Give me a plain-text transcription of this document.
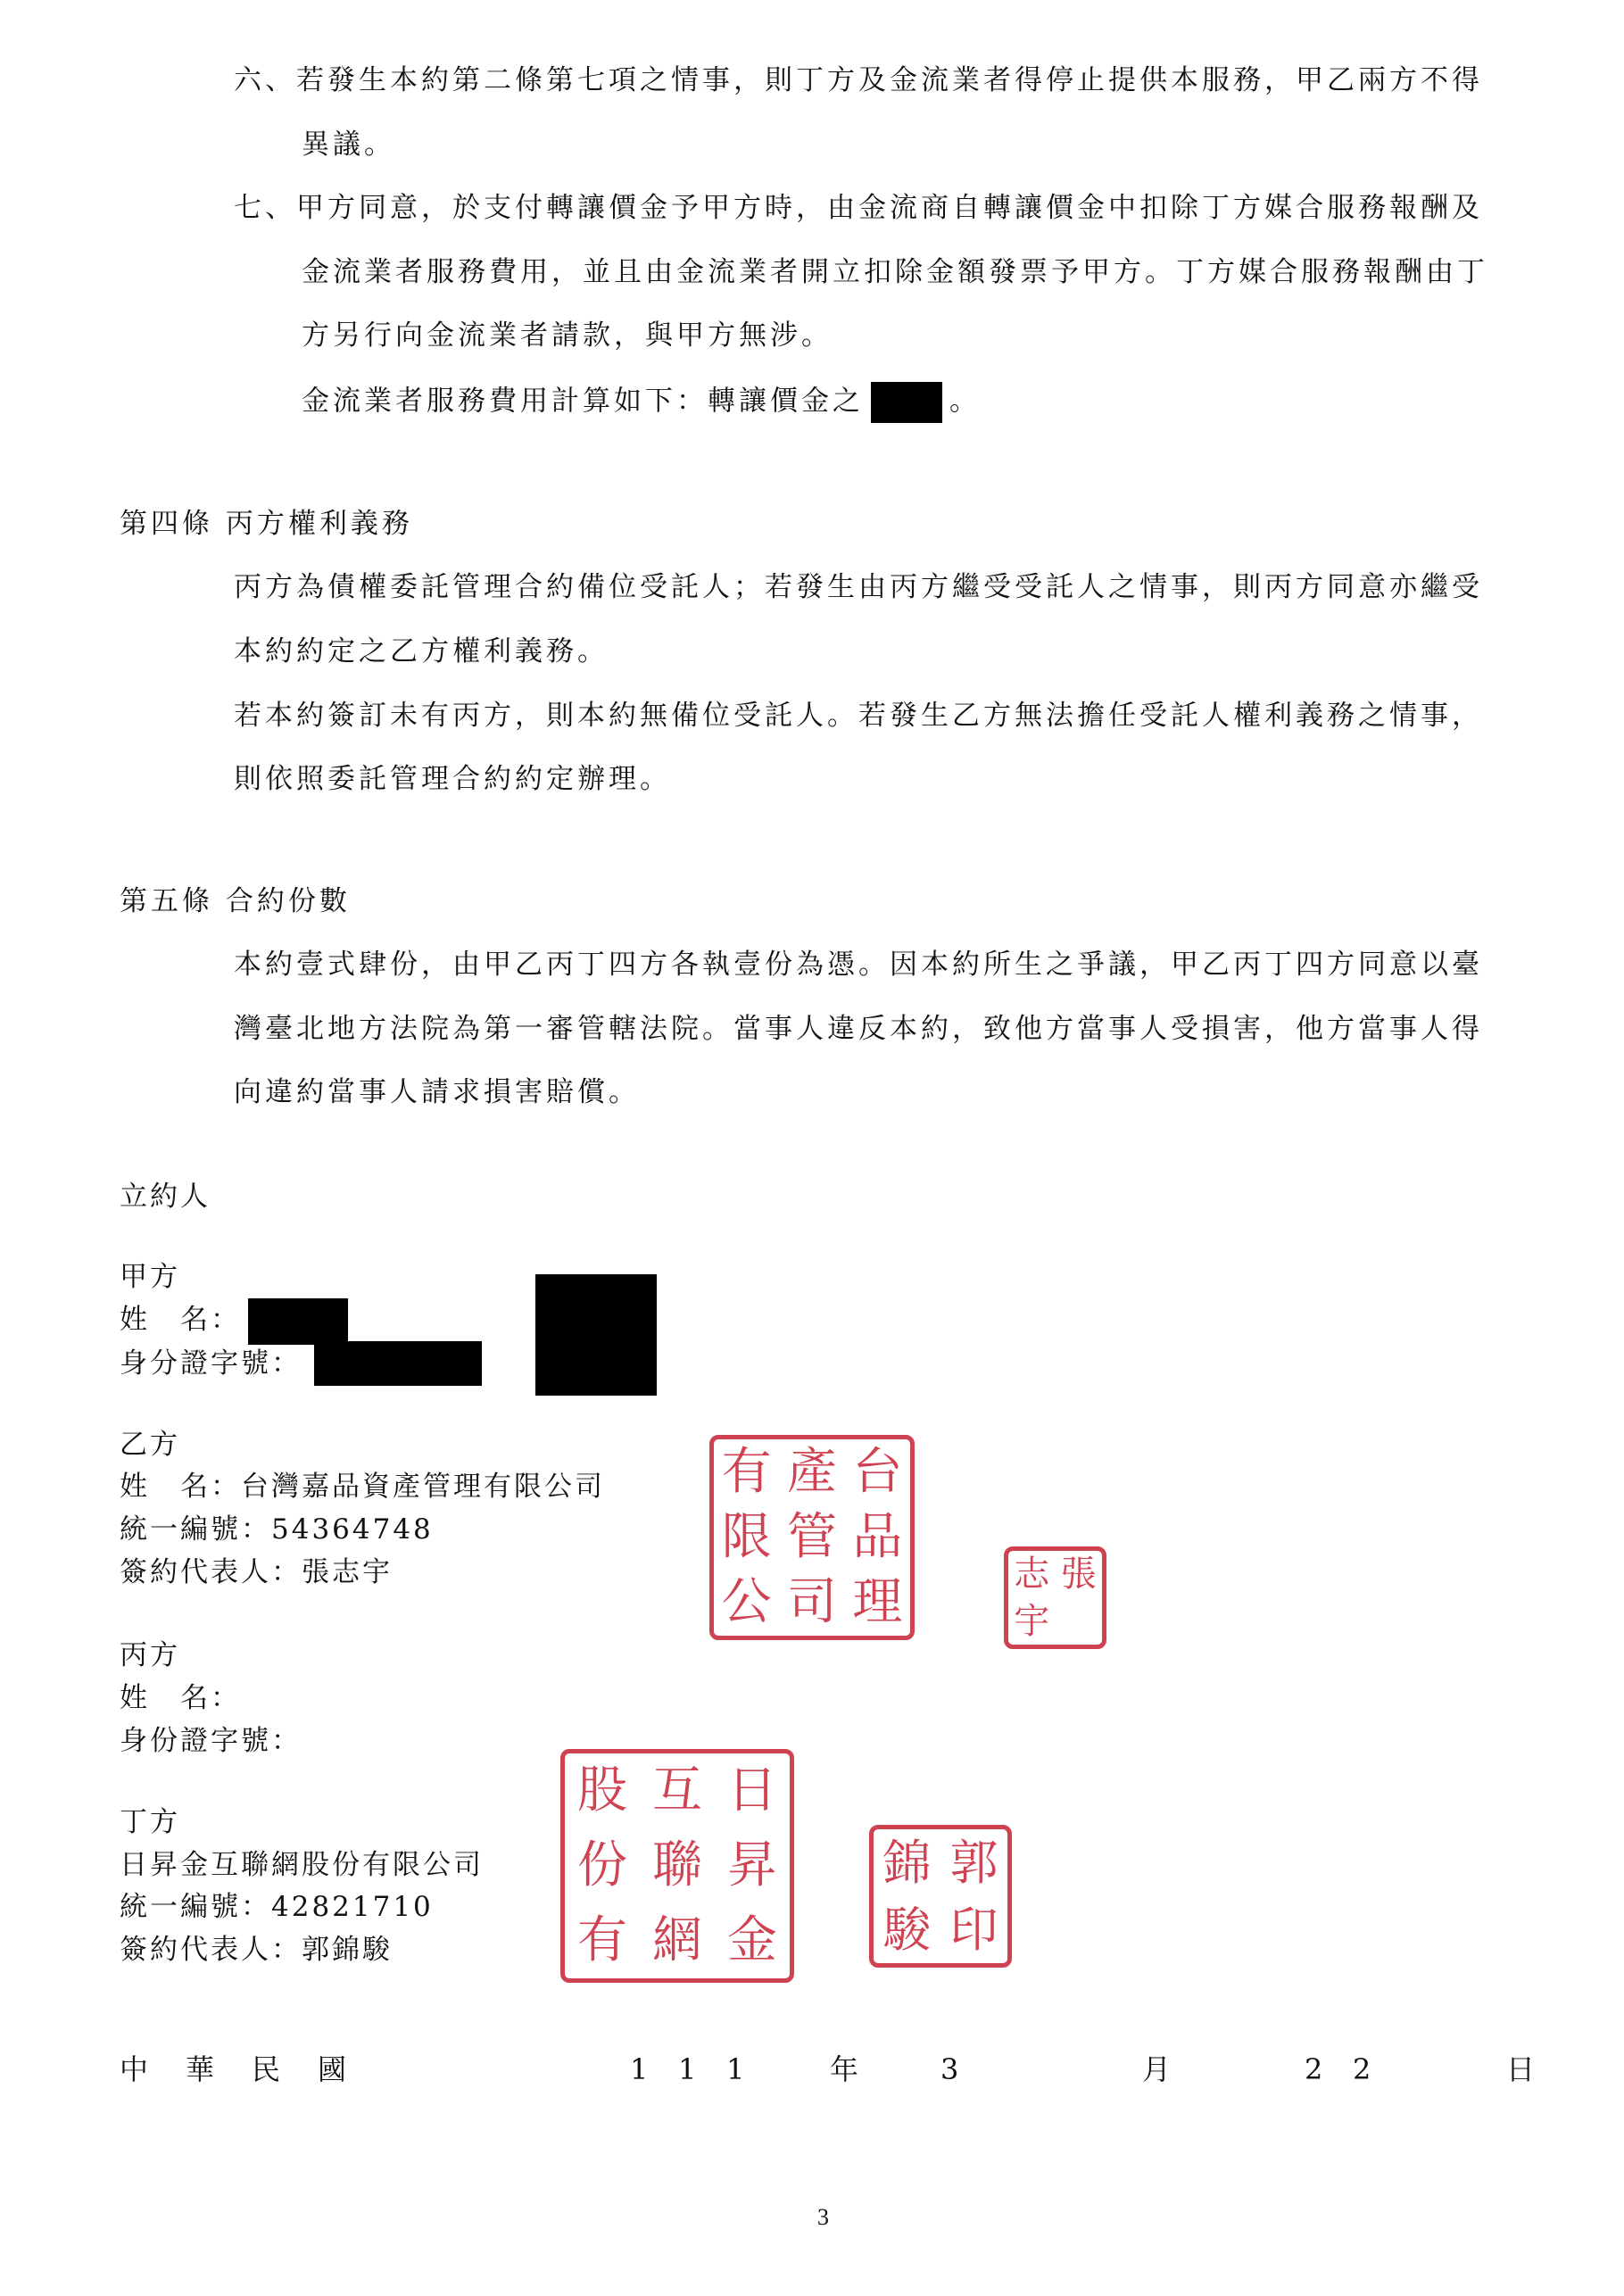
六、若發生本約第二條第七項之情事，則丁方及金流業者得停止提供本服務，甲乙兩方不得
異議。
七、甲方同意，於支付轉讓價金予甲方時，由金流商自轉讓價金中扣除丁方媒合服務報酬及
金流業者服務費用，並且由金流業者開立扣除金額發票予甲方。丁方媒合服務報酬由丁
方另行向金流業者請款，與甲方無涉。
金流業者服務費用計算如下：轉讓價金之	。
第四條 丙方權利義務
丙方為債權委託管理合約備位受託人；若發生由丙方繼受受託人之情事，則丙方同意亦繼受
本約約定之乙方權利義務。
若本約簽訂未有丙方，則本約無備位受託人。若發生乙方無法擔任受託人權利義務之情事，
則依照委託管理合約約定辦理。
第五條 合約份數
本約壹式肆份，由甲乙丙丁四方各執壹份為憑。因本約所生之爭議，甲乙丙丁四方同意以臺
灣臺北地方法院為第一審管轄法院。當事人違反本約，致他方當事人受損害，他方當事人得
向違約當事人請求損害賠償。
立約人
甲方
姓　名：
身分證字號：
乙方
姓　名：台灣嘉品資產管理有限公司
統一編號：54364748
簽約代表人：張志宇
有 產 台
限 管 品
公 司 理	志 張
宇
丙方
姓　名：
身份證字號：
丁方
日昇金互聯網股份有限公司
統一編號：42821710
簽約代表人：郭錦駿
股 互 日
份 聯 昇
有 網 金
錦 郭
駿 印
中 華 民 國	1 1 1	年	3	月	2 2	日
3
